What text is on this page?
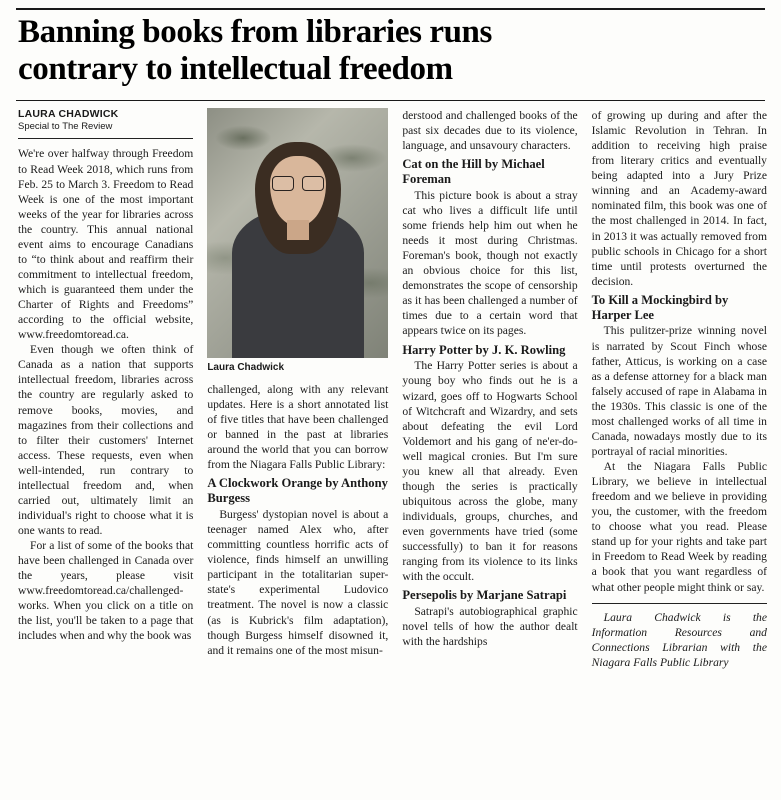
Banning books from libraries runs
contrary to intellectual freedom
LAURA CHADWICK
Special to The Review

We're over halfway through Freedom to Read Week 2018, which runs from Feb. 25 to March 3. Freedom to Read Week is one of the most important weeks of the year for libraries across the country. This annual national event aims to encourage Canadians to “to think about and reaffirm their commitment to intellectual freedom, which is guaranteed them under the Charter of Rights and Freedoms” according to the official website, www.freedomtoread.ca.

Even though we often think of Canada as a nation that supports intellectual freedom, libraries across the country are regularly asked to remove books, movies, and magazines from their collections and to filter their customers' Internet access. These requests, even when well-intended, run contrary to intellectual freedom and, when carried out, ultimately limit an individual's right to choose what it is one wants to read.

For a list of some of the books that have been challenged in Canada over the years, please visit www.freedomtoread.ca/challenged-works. When you click on a title on the list, you'll be taken to a page that includes when and why the book was

Laura Chadwick

challenged, along with any relevant updates. Here is a short annotated list of five titles that have been challenged or banned in the past at libraries around the world that you can borrow from the Niagara Falls Public Library:

A Clockwork Orange by Anthony Burgess

Burgess' dystopian novel is about a teenager named Alex who, after committing countless horrific acts of violence, finds himself an unwilling participant in the totalitarian super-state's experimental Ludovico treatment. The novel is now a classic (as is Kubrick's film adaptation), though Burgess himself disowned it, and it remains one of the most misun-

derstood and challenged books of the past six decades due to its violence, language, and unsavoury characters.

Cat on the Hill by Michael Foreman

This picture book is about a stray cat who lives a difficult life until some friends help him out when he needs it most during Christmas. Foreman's book, though not exactly an obvious choice for this list, demonstrates the scope of censorship as it has been challenged a number of times due to a certain word that appears twice on its pages.

Harry Potter by J. K. Rowling

The Harry Potter series is about a young boy who finds out he is a wizard, goes off to Hogwarts School of Witchcraft and Wizardry, and sets about defeating the evil Lord Voldemort and his gang of ne'er-do-well magical cronies. But I'm sure you knew all that already. Even though the series is practically ubiquitous across the globe, many individuals, groups, churches, and even governments have tried (some successfully) to ban it for reasons ranging from its violence to its links with the occult.

Persepolis by Marjane Satrapi

Satrapi's autobiographical graphic novel tells of how the author dealt with the hardships

of growing up during and after the Islamic Revolution in Tehran. In addition to receiving high praise from literary critics and eventually being adapted into a Jury Prize winning and an Academy-award nominated film, this book was one of the most challenged in 2014. In fact, in 2013 it was actually removed from public schools in Chicago for a short time until protests overturned the decision.

To Kill a Mockingbird by Harper Lee

This pulitzer-prize winning novel is narrated by Scout Finch whose father, Atticus, is working on a case as a defense attorney for a black man falsely accused of rape in Alabama in the 1930s. This classic is one of the most challenged works of all time in Canada, nowadays mostly due to its portrayal of racial minorities.

At the Niagara Falls Public Library, we believe in intellectual freedom and we believe in providing you, the customer, with the freedom to choose what you read. Please stand up for your rights and take part in Freedom to Read Week by reading a book that you want regardless of what other people might think or say.

Laura Chadwick is the Information Resources and Connections Librarian with the Niagara Falls Public Library
